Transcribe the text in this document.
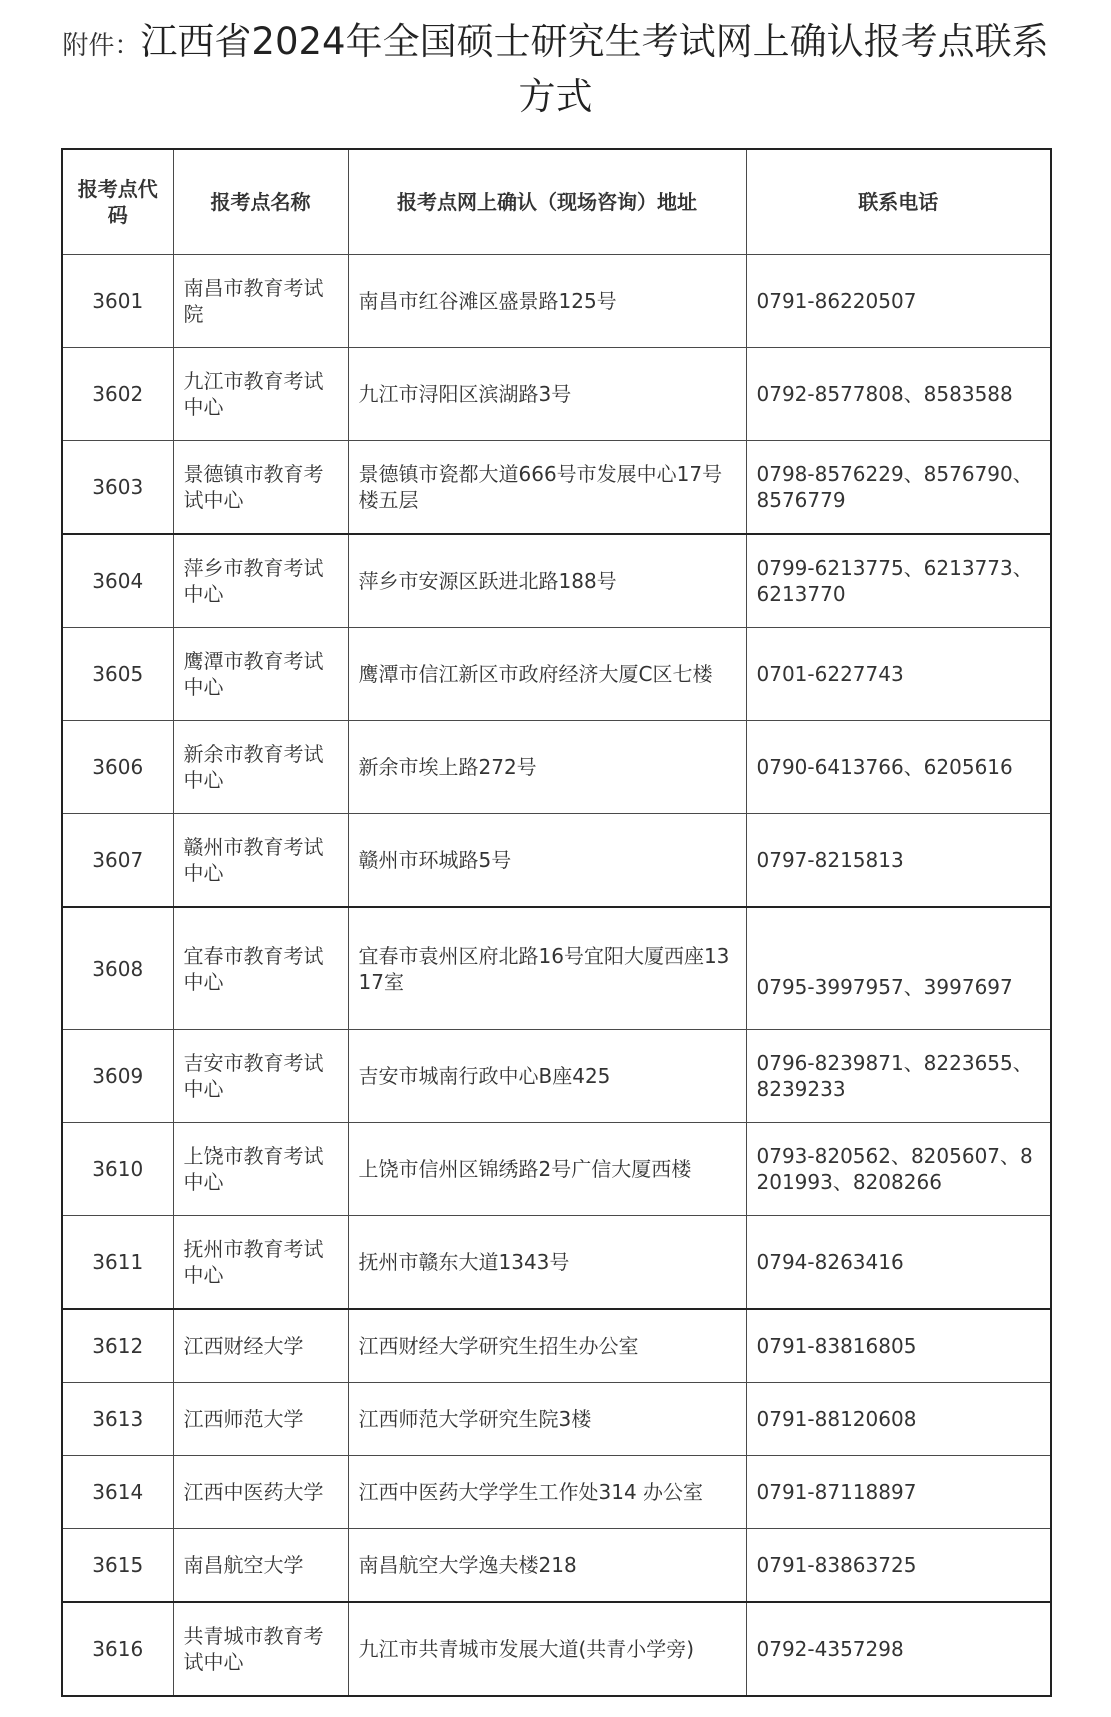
附件：江西省2024年全国硕士研究生考试网上确认报考点联系
方式
报考点代码	报考点名称	报考点网上确认（现场咨询）地址	联系电话
3601	南昌市教育考试院	南昌市红谷滩区盛景路125号	0791-86220507
3602	九江市教育考试中心	九江市浔阳区滨湖路3号	0792-8577808、8583588
3603	景德镇市教育考试中心	景德镇市瓷都大道666号市发展中心17号楼五层	0798-8576229、8576790、8576779
3604	萍乡市教育考试中心	萍乡市安源区跃进北路188号	0799-6213775、6213773、6213770
3605	鹰潭市教育考试中心	鹰潭市信江新区市政府经济大厦C区七楼	0701-6227743
3606	新余市教育考试中心	新余市埃上路272号	0790-6413766、6205616
3607	赣州市教育考试中心	赣州市环城路5号	0797-8215813
3608	宜春市教育考试中心	宜春市袁州区府北路16号宜阳大厦西座1317室	0795-3997957、3997697

3609	吉安市教育考试中心	吉安市城南行政中心B座425	0796-8239871、8223655、8239233
3610	上饶市教育考试中心	上饶市信州区锦绣路2号广信大厦西楼	0793-820562、8205607、8201993、8208266
3611	抚州市教育考试中心	抚州市赣东大道1343号	0794-8263416
3612	江西财经大学	江西财经大学研究生招生办公室	0791-83816805
3613	江西师范大学	江西师范大学研究生院3楼	0791-88120608
3614	江西中医药大学	江西中医药大学学生工作处314 办公室	0791-87118897
3615	南昌航空大学	南昌航空大学逸夫楼218	0791-83863725
3616	共青城市教育考试中心	九江市共青城市发展大道(共青小学旁)	0792-4357298
